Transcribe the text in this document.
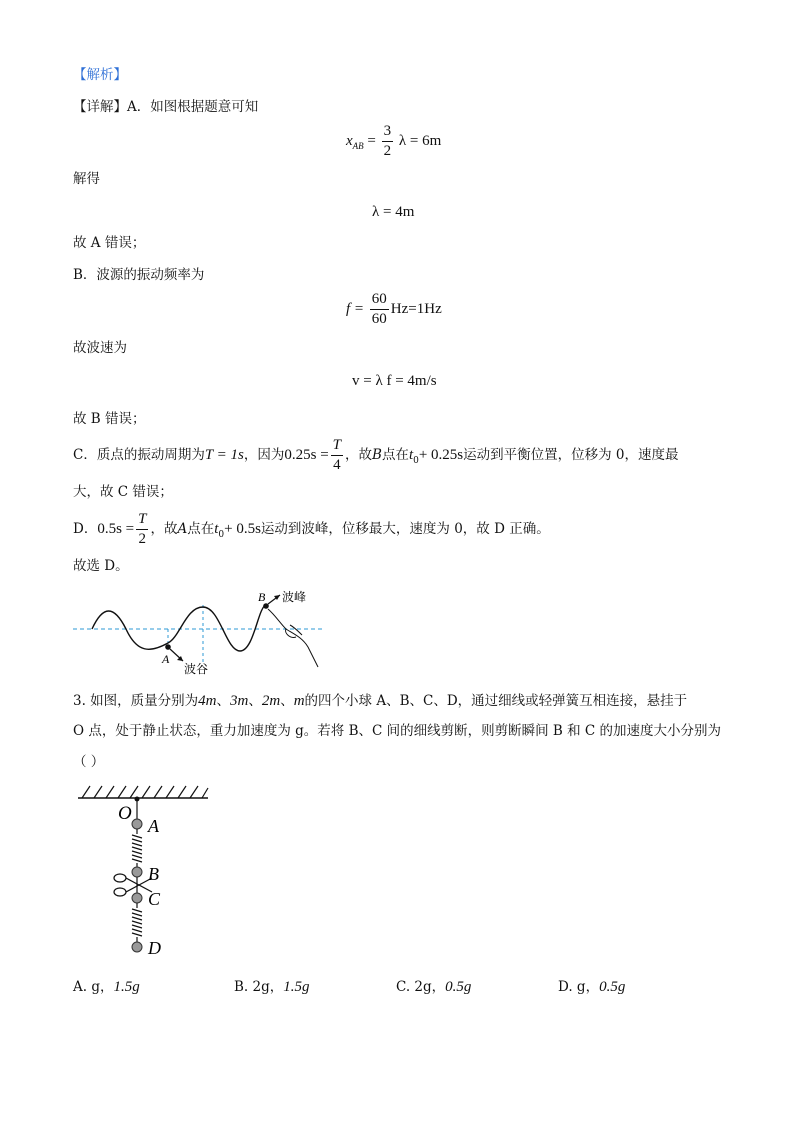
【解析】
【详解】A．如图根据题意可知
$x_{AB} = \frac{3}{2}$ λ = 6m
解得
λ = 4m
故 A 错误；
B．波源的振动频率为
$f = \frac{60}{60} Hz=1Hz$
故波速为
v = λ f = 4m/s
故 B 错误；
C．质点的振动周期为T = 1s，因为$0.25s = \frac{T}{4}$ ，故B点在$t_0+ 0.25s$运动到平衡位置，位移为 0，速度最
大，故 C 错误；
D．$0.5s = \frac{T}{2}$ ，故A点在$t_0+ 0.5s$运动到波峰，位移最大，速度为 0，故 D 正确。
故选 D。
A
波谷
B 波峰
3. 如图，质量分别为4m、3m、2m、m的四个小球 A、B、C、D，通过细线或轻弹簧互相连接，悬挂于
O 点，处于静止状态，重力加速度为 g。若将 B、C 间的细线剪断，则剪断瞬间 B 和 C 的加速度大小分别为
（ ）
O
A
B
C
D
A. g，1.5g	B. 2g，1.5g	C. 2g，0.5g	D. g，0.5g
